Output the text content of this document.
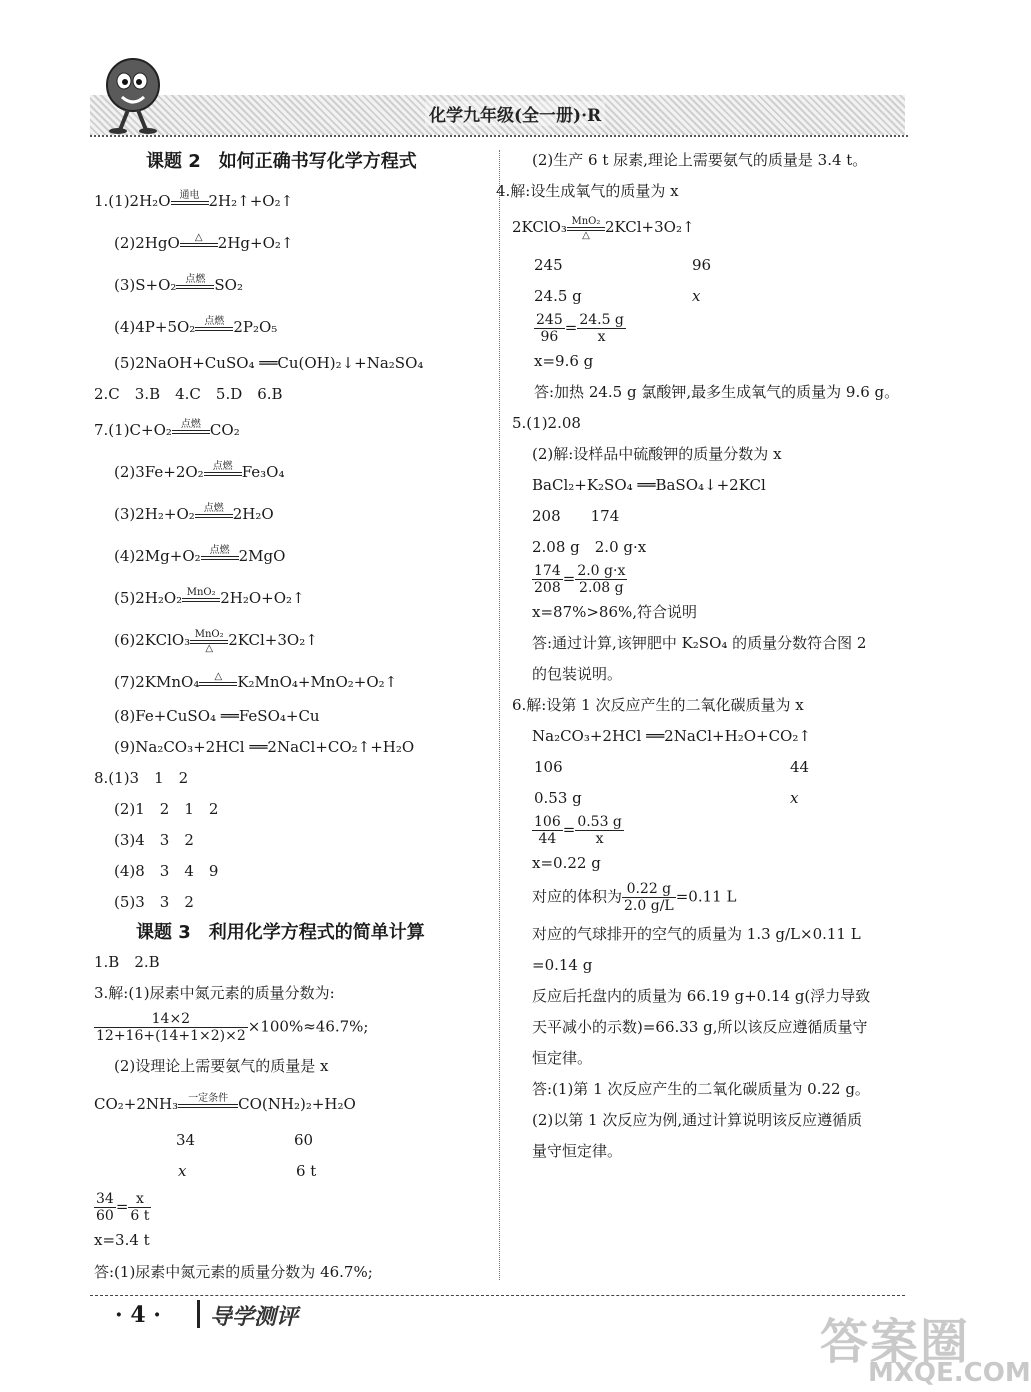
化学九年级(全一册)·R
课题 2　如何正确书写化学方程式
1.(1)2H₂O 通电
2H₂↑+O₂↑
(2)2HgO	△
	2Hg+O₂↑
(3)S+O₂ 点燃
SO₂
(4)4P+5O₂ 点燃
2P₂O₅
(5)2NaOH+CuSO₄ ══Cu(OH)₂↓+Na₂SO₄
2.C　3.B　4.C　5.D　6.B
7.(1)C+O₂ 点燃
CO₂
(2)3Fe+2O₂ 点燃
Fe₃O₄
(3)2H₂+O₂ 点燃
2H₂O
(4)2Mg+O₂ 点燃
2MgO
(5)2H₂O₂ MnO₂
2H₂O+O₂↑
(6)2KClO₃ MnO₂
△	2KCl+3O₂↑
(7)2KMnO₄	△
	K₂MnO₄+MnO₂+O₂↑
(8)Fe+CuSO₄ ══FeSO₄+Cu
(9)Na₂CO₃+2HCl ══2NaCl+CO₂↑+H₂O
8.(1)3　1　2
(2)1　2　1　2
(3)4　3　2
(4)8　3　4　9
(5)3　3　2
课题 3　利用化学方程式的简单计算
1.B　2.B
3.解:(1)尿素中氮元素的质量分数为:
$\frac{14\times 2}{12+16+(14+1\times 2)\times 2} \times 100\%\approx 46.7\%$;
(2)设理论上需要氨气的质量是 x
CO₂+2NH₃	一定条件
CO(NH₂)₂+H₂O
34	60
x	6 t
$\frac{34}{60} = \frac{x}{6 t}$
x=3.4 t
答:(1)尿素中氮元素的质量分数为 46.7%;
(2)生产 6 t 尿素,理论上需要氨气的质量是 3.4 t。
4.解:设生成氧气的质量为 x
2KClO₃ MnO₂
△	2KCl+3O₂↑
245	96
24.5 g	x
$\frac{245}{96} = \frac{24.5 g}{x}$
x=9.6 g
答:加热 24.5 g 氯酸钾,最多生成氧气的质量为 9.6 g。
5.(1)2.08
(2)解:设样品中硫酸钾的质量分数为 x
BaCl₂+K₂SO₄ ══BaSO₄↓+2KCl
208　　174
2.08 g　2.0 g·x
$\frac{174}{208} = \frac{2.0 g\cdot x}{2.08 g}$
x=87%>86%,符合说明
答:通过计算,该钾肥中 K₂SO₄ 的质量分数符合图 2
的包装说明。
6.解:设第 1 次反应产生的二氧化碳质量为 x
Na₂CO₃+2HCl ══2NaCl+H₂O+CO₂↑
106	44
0.53 g	x
$\frac{106}{44} = \frac{0.53 g}{x}$
x=0.22 g
对应的体积为 $\frac{0.22 g}{2.0 g/L} =0.11$ L
对应的气球排开的空气的质量为 1.3 g/L×0.11 L
=0.14 g
反应后托盘内的质量为 66.19 g+0.14 g(浮力导致
天平减小的示数)=66.33 g,所以该反应遵循质量守
恒定律。
答:(1)第 1 次反应产生的二氧化碳质量为 0.22 g。
(2)以第 1 次反应为例,通过计算说明该反应遵循质
量守恒定律。
· 4 · 导学测评	答案圈
MXQE.COM
